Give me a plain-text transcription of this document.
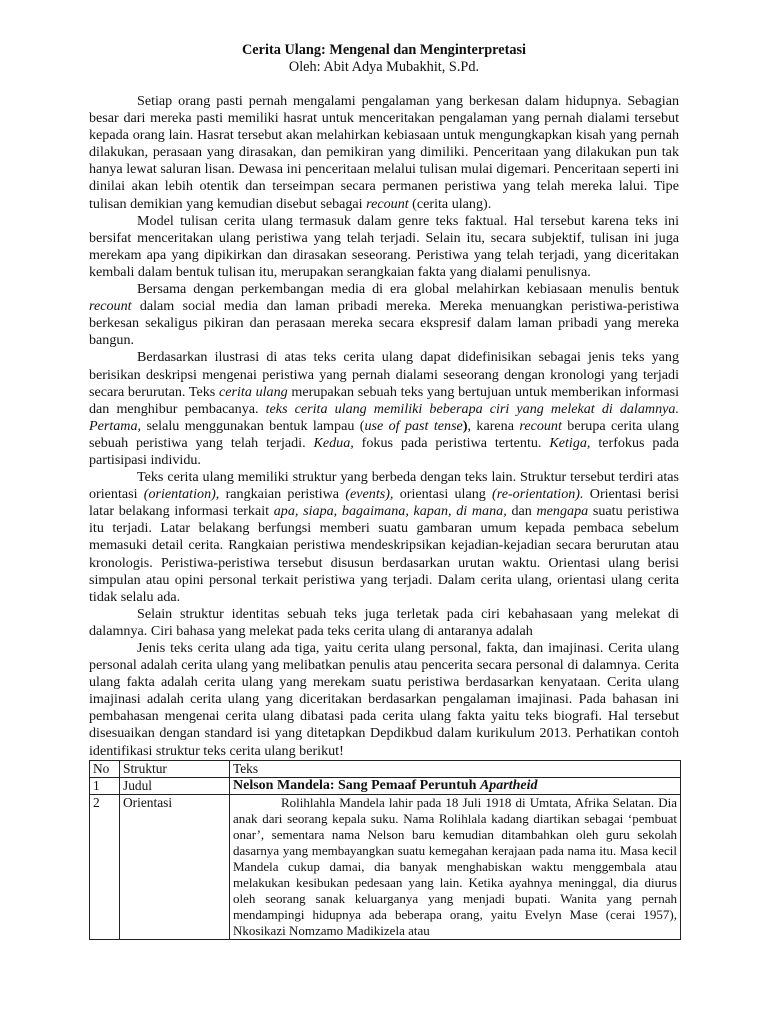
Cerita Ulang: Mengenal dan Menginterpretasi
Oleh: Abit Adya Mubakhit, S.Pd.

Setiap orang pasti pernah mengalami pengalaman yang berkesan dalam hidupnya. Sebagian besar dari mereka pasti memiliki hasrat untuk menceritakan pengalaman yang pernah dialami tersebut kepada orang lain. Hasrat tersebut akan melahirkan kebiasaan untuk mengungkapkan kisah yang pernah dilakukan, perasaan yang dirasakan, dan pemikiran yang dimiliki. Penceritaan yang dilakukan pun tak hanya lewat saluran lisan. Dewasa ini penceritaan melalui tulisan mulai digemari. Penceritaan seperti ini dinilai akan lebih otentik dan terseimpan secara permanen peristiwa yang telah mereka lalui. Tipe tulisan demikian yang kemudian disebut sebagai recount (cerita ulang).

Model tulisan cerita ulang termasuk dalam genre teks faktual. Hal tersebut karena teks ini bersifat menceritakan ulang peristiwa yang telah terjadi. Selain itu, secara subjektif, tulisan ini juga merekam apa yang dipikirkan dan dirasakan seseorang. Peristiwa yang telah terjadi, yang diceritakan kembali dalam bentuk tulisan itu, merupakan serangkaian fakta yang dialami penulisnya.

Bersama dengan perkembangan media di era global melahirkan kebiasaan menulis bentuk recount dalam social media dan laman pribadi mereka. Mereka menuangkan peristiwa-peristiwa berkesan sekaligus pikiran dan perasaan mereka secara ekspresif dalam laman pribadi yang mereka bangun.

Berdasarkan ilustrasi di atas teks cerita ulang dapat didefinisikan sebagai jenis teks yang berisikan deskripsi mengenai peristiwa yang pernah dialami seseorang dengan kronologi yang terjadi secara berurutan. Teks cerita ulang merupakan sebuah teks yang bertujuan untuk memberikan informasi dan menghibur pembacanya. teks cerita ulang memiliki beberapa ciri yang melekat di dalamnya. Pertama, selalu menggunakan bentuk lampau (use of past tense), karena recount berupa cerita ulang sebuah peristiwa yang telah terjadi. Kedua, fokus pada peristiwa tertentu. Ketiga, terfokus pada partisipasi individu.

Teks cerita ulang memiliki struktur yang berbeda dengan teks lain. Struktur tersebut terdiri atas orientasi (orientation), rangkaian peristiwa (events), orientasi ulang (re-orientation). Orientasi berisi latar belakang informasi terkait apa, siapa, bagaimana, kapan, di mana, dan mengapa suatu peristiwa itu terjadi. Latar belakang berfungsi memberi suatu gambaran umum kepada pembaca sebelum memasuki detail cerita. Rangkaian peristiwa mendeskripsikan kejadian-kejadian secara berurutan atau kronologis. Peristiwa-peristiwa tersebut disusun berdasarkan urutan waktu. Orientasi ulang berisi simpulan atau opini personal terkait peristiwa yang terjadi. Dalam cerita ulang, orientasi ulang cerita tidak selalu ada.

Selain struktur identitas sebuah teks juga terletak pada ciri kebahasaan yang melekat di dalamnya. Ciri bahasa yang melekat pada teks cerita ulang di antaranya adalah

Jenis teks cerita ulang ada tiga, yaitu cerita ulang personal, fakta, dan imajinasi. Cerita ulang personal adalah cerita ulang yang melibatkan penulis atau pencerita secara personal di dalamnya. Cerita ulang fakta adalah cerita ulang yang merekam suatu peristiwa berdasarkan kenyataan. Cerita ulang imajinasi adalah cerita ulang yang diceritakan berdasarkan pengalaman imajinasi. Pada bahasan ini pembahasan mengenai cerita ulang dibatasi pada cerita ulang fakta yaitu teks biografi. Hal tersebut disesuaikan dengan standard isi yang ditetapkan Depdikbud dalam kurikulum 2013. Perhatikan contoh identifikasi struktur teks cerita ulang berikut!

No	Struktur	Teks
1	Judul	Nelson Mandela: Sang Pemaaf Peruntuh Apartheid

2	Orientasi	Rolihlahla Mandela lahir pada 18 Juli 1918 di Umtata, Afrika Selatan. Dia anak dari seorang kepala suku. Nama Rolihlala kadang diartikan sebagai ‘pembuat onar’, sementara nama Nelson baru kemudian ditambahkan oleh guru sekolah dasarnya yang membayangkan suatu kemegahan kerajaan pada nama itu. Masa kecil Mandela cukup damai, dia banyak menghabiskan waktu menggembala atau melakukan kesibukan pedesaan yang lain. Ketika ayahnya meninggal, dia diurus oleh seorang sanak keluarganya yang menjadi bupati. Wanita yang pernah mendampingi hidupnya ada beberapa orang, yaitu Evelyn Mase (cerai 1957), Nkosikazi Nomzamo Madikizela atau
